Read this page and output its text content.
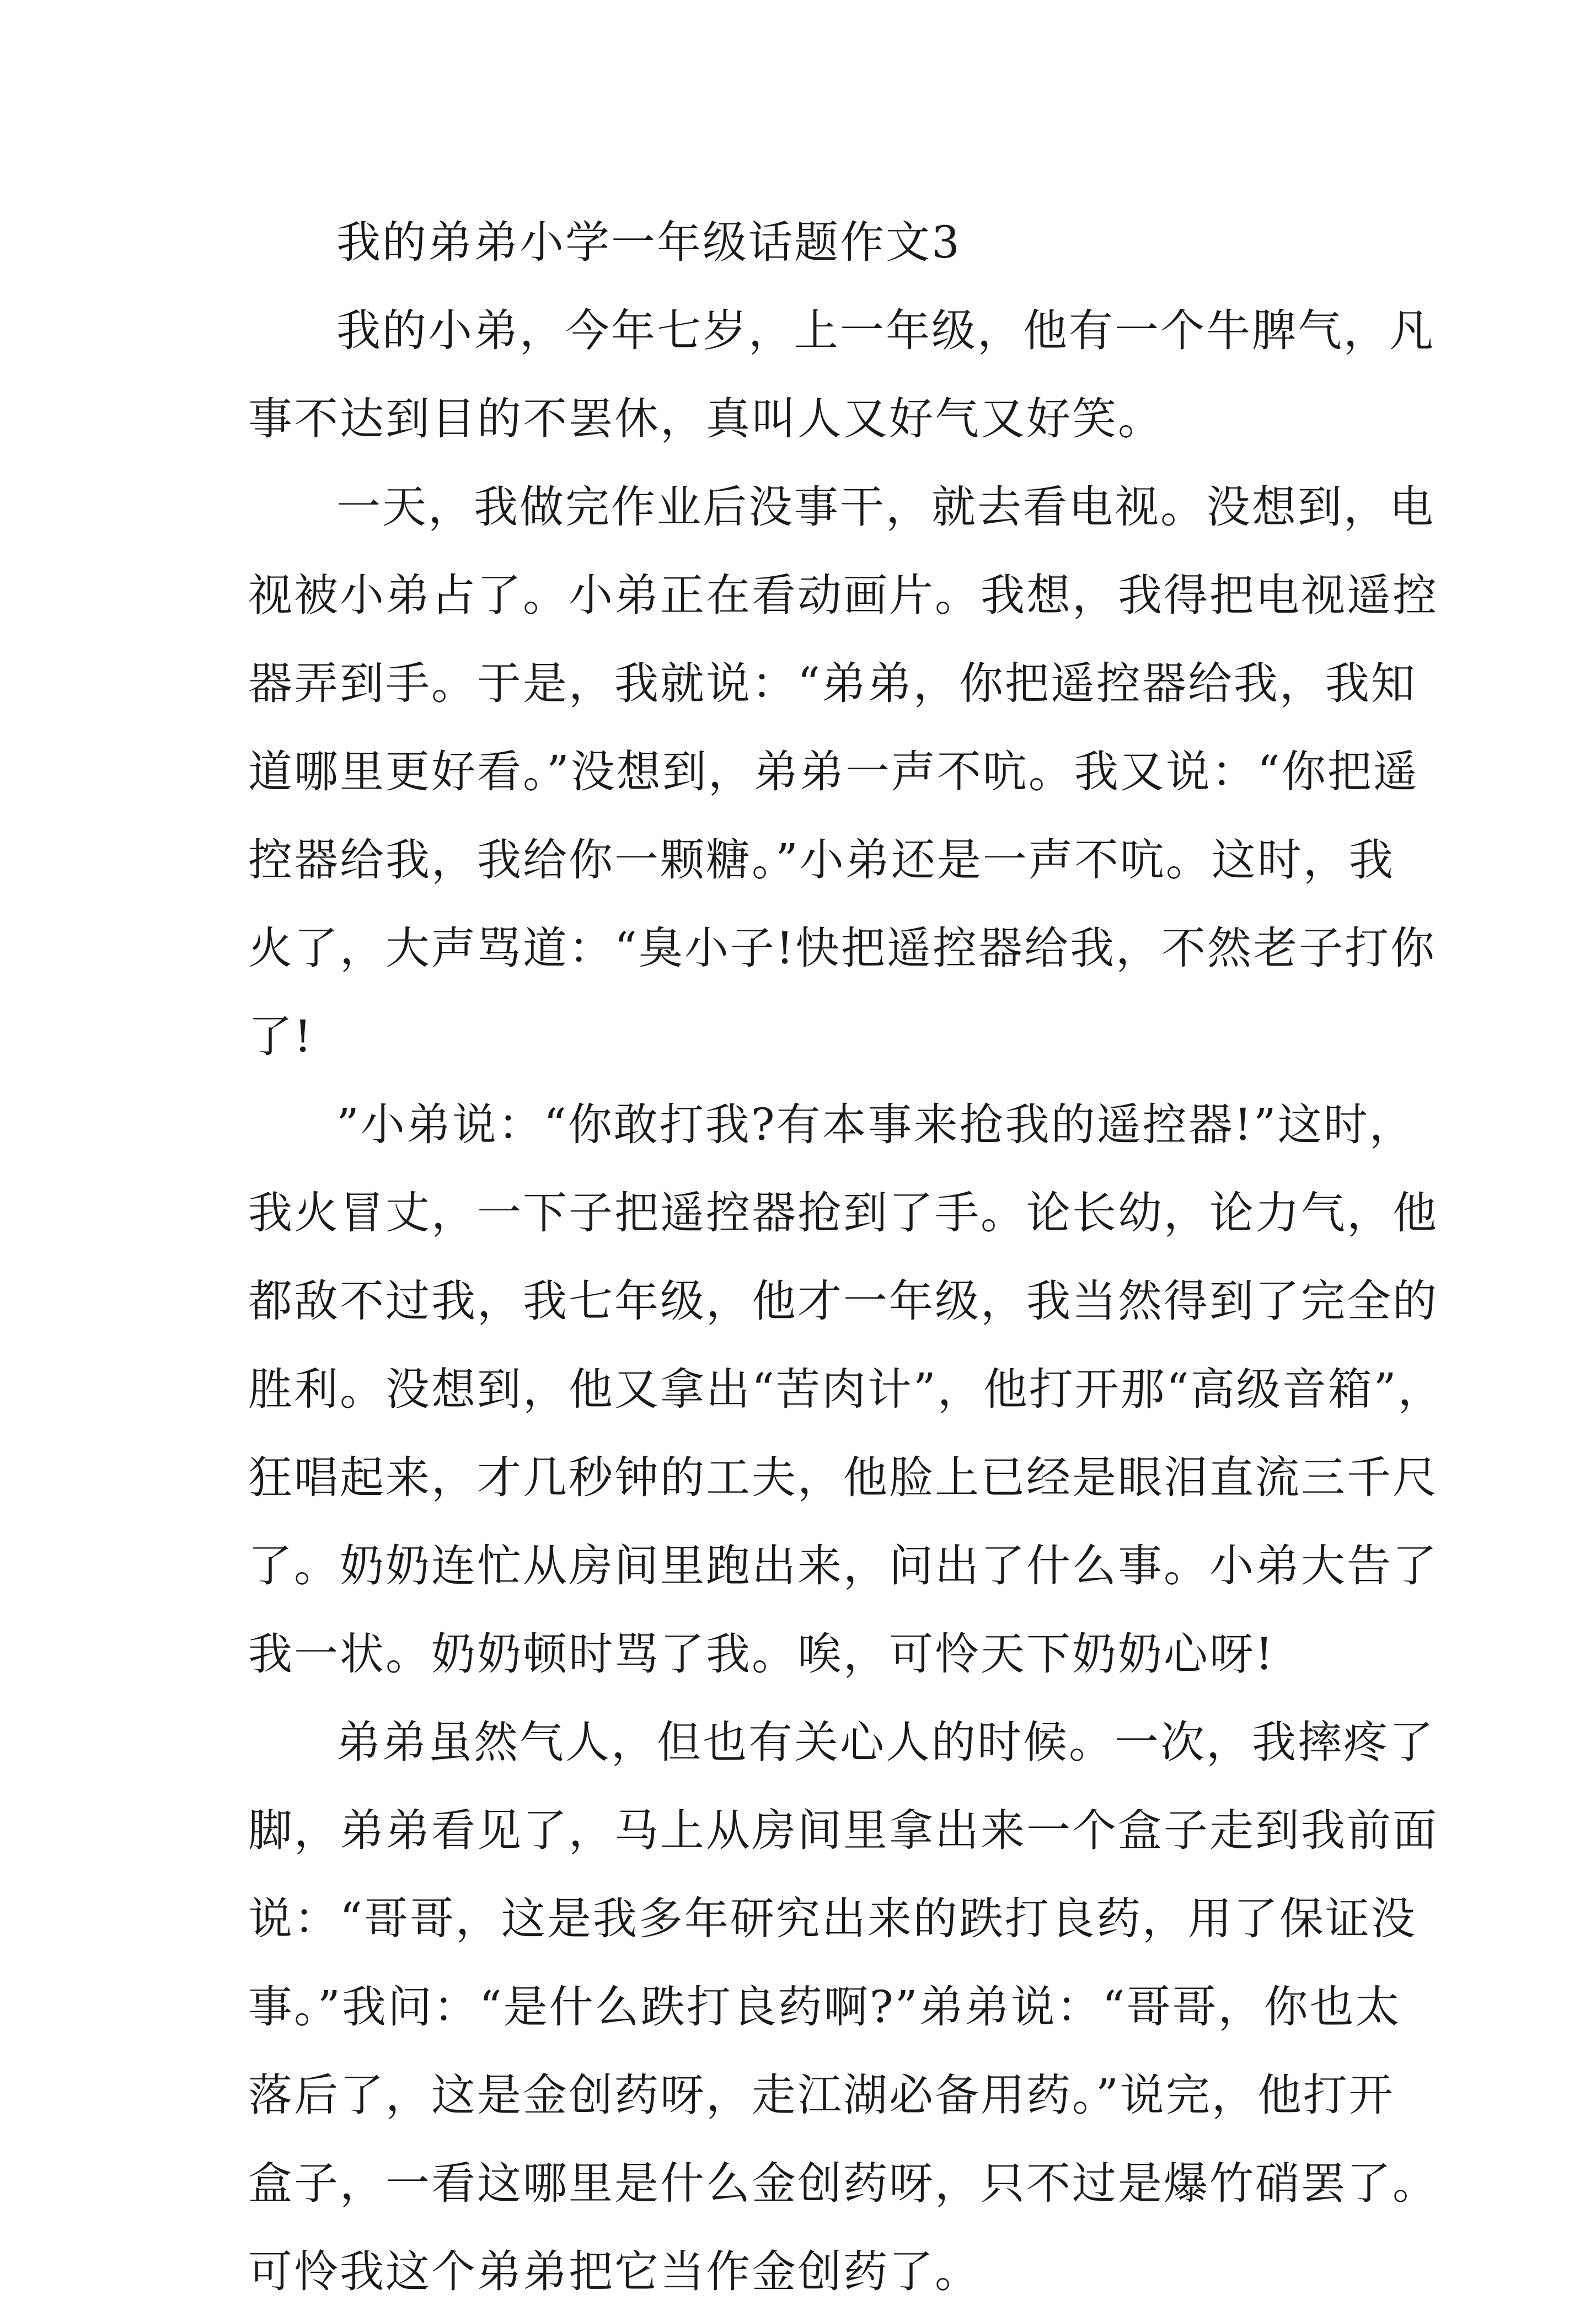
我的弟弟小学一年级话题作文3
我的小弟，今年七岁，上一年级，他有一个牛脾气，凡
事不达到目的不罢休，真叫人又好气又好笑。
一天，我做完作业后没事干，就去看电视。没想到，电
视被小弟占了。小弟正在看动画片。我想，我得把电视遥控
器弄到手。于是，我就说：“弟弟，你把遥控器给我，我知
道哪里更好看。”没想到，弟弟一声不吭。我又说：“你把遥
控器给我，我给你一颗糖。”小弟还是一声不吭。这时，我
火了，大声骂道：“臭小子!快把遥控器给我，不然老子打你
了!
”小弟说：“你敢打我?有本事来抢我的遥控器!”这时，
我火冒丈，一下子把遥控器抢到了手。论长幼，论力气，他
都敌不过我，我七年级，他才一年级，我当然得到了完全的
胜利。没想到，他又拿出“苦肉计”，他打开那“高级音箱”，
狂唱起来，才几秒钟的工夫，他脸上已经是眼泪直流三千尺
了。奶奶连忙从房间里跑出来，问出了什么事。小弟大告了
我一状。奶奶顿时骂了我。唉，可怜天下奶奶心呀!
弟弟虽然气人，但也有关心人的时候。一次，我摔疼了
脚，弟弟看见了，马上从房间里拿出来一个盒子走到我前面
说：“哥哥，这是我多年研究出来的跌打良药，用了保证没
事。”我问：“是什么跌打良药啊?”弟弟说：“哥哥，你也太
落后了，这是金创药呀，走江湖必备用药。”说完，他打开
盒子，一看这哪里是什么金创药呀，只不过是爆竹硝罢了。
可怜我这个弟弟把它当作金创药了。
